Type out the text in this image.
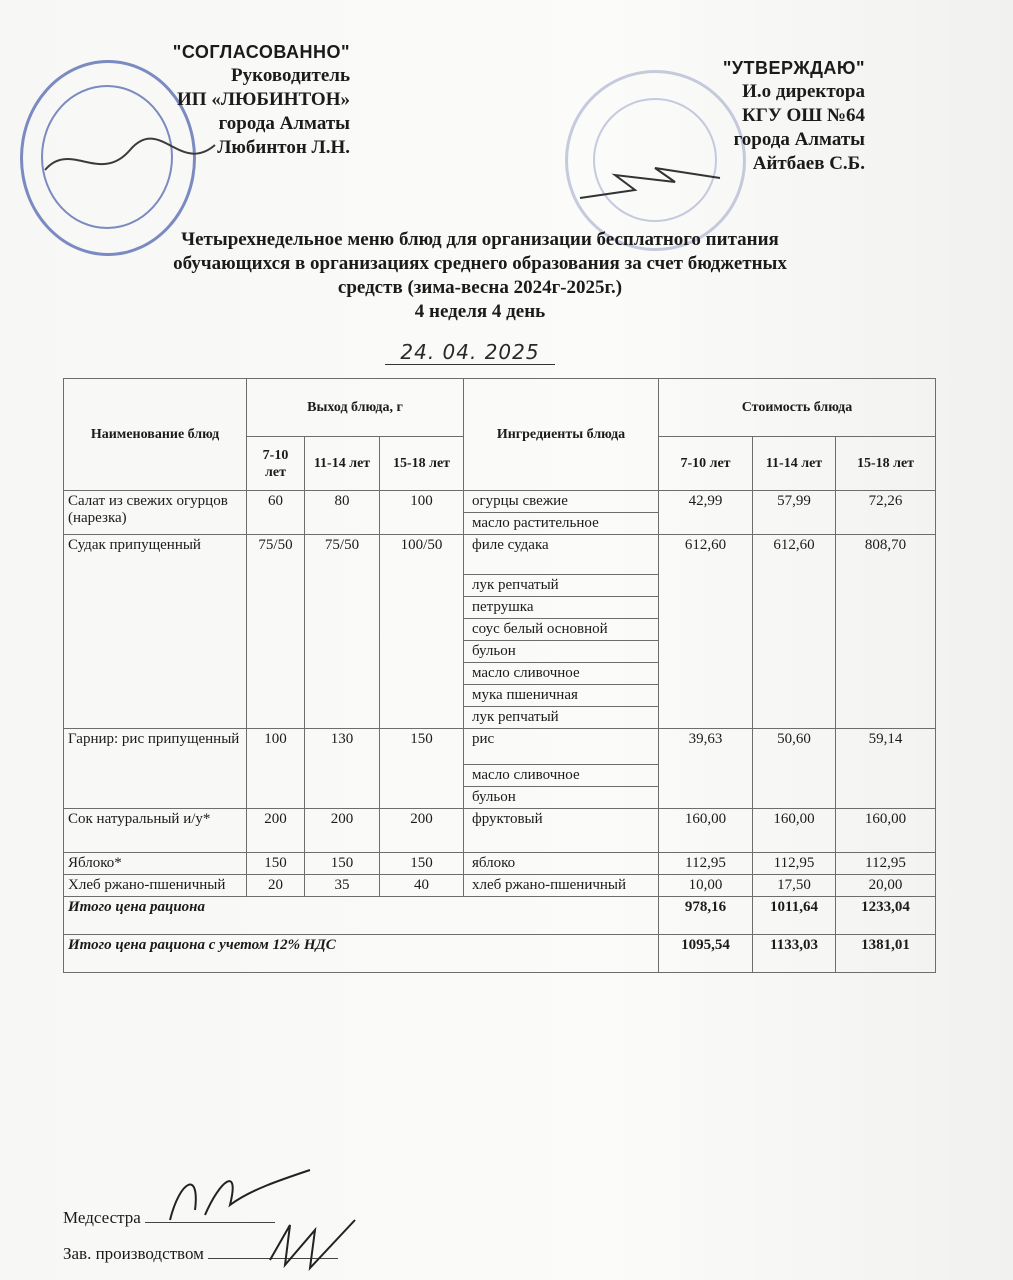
"СОГЛАСОВАННО"
Руководитель
ИП «ЛЮБИНТОН»
города Алматы
Любинтон Л.Н.
"УТВЕРЖДАЮ"
И.о директора
КГУ ОШ №64
города Алматы
Айтбаев С.Б.
Четырехнедельное меню блюд для организации бесплатного питания
обучающихся в организациях среднего образования за счет бюджетных
средств (зима-весна 2024г-2025г.)
4 неделя 4 день
24. 04. 2025
Наименование блюд	Выход блюда, г			Ингредиенты блюда	Стоимость блюда		
	7-10 лет	11-14 лет	15-18 лет		7-10 лет	11-14 лет	15-18 лет
Салат из свежих огурцов (нарезка)	60	80	100	огурцы свежие	42,99	57,99	72,26
				масло растительное			
Судак припущенный	75/50	75/50	100/50	филе судака	612,60	612,60	808,70
				лук репчатый			
				петрушка			
				соус белый основной			
				бульон			
				масло сливочное			
				мука пшеничная			
				лук репчатый			
Гарнир: рис припущенный	100	130	150	рис	39,63	50,60	59,14
				масло сливочное			
				бульон			
Сок натуральный и/у*	200	200	200	фруктовый	160,00	160,00	160,00
Яблоко*	150	150	150	яблоко	112,95	112,95	112,95
Хлеб ржано-пшеничный	20	35	40	хлеб ржано-пшеничный	10,00	17,50	20,00
Итого цена рациона					978,16	1011,64	1233,04
Итого цена рациона с учетом 12% НДС					1095,54	1133,03	1381,01
Медсестра
Зав. производством
